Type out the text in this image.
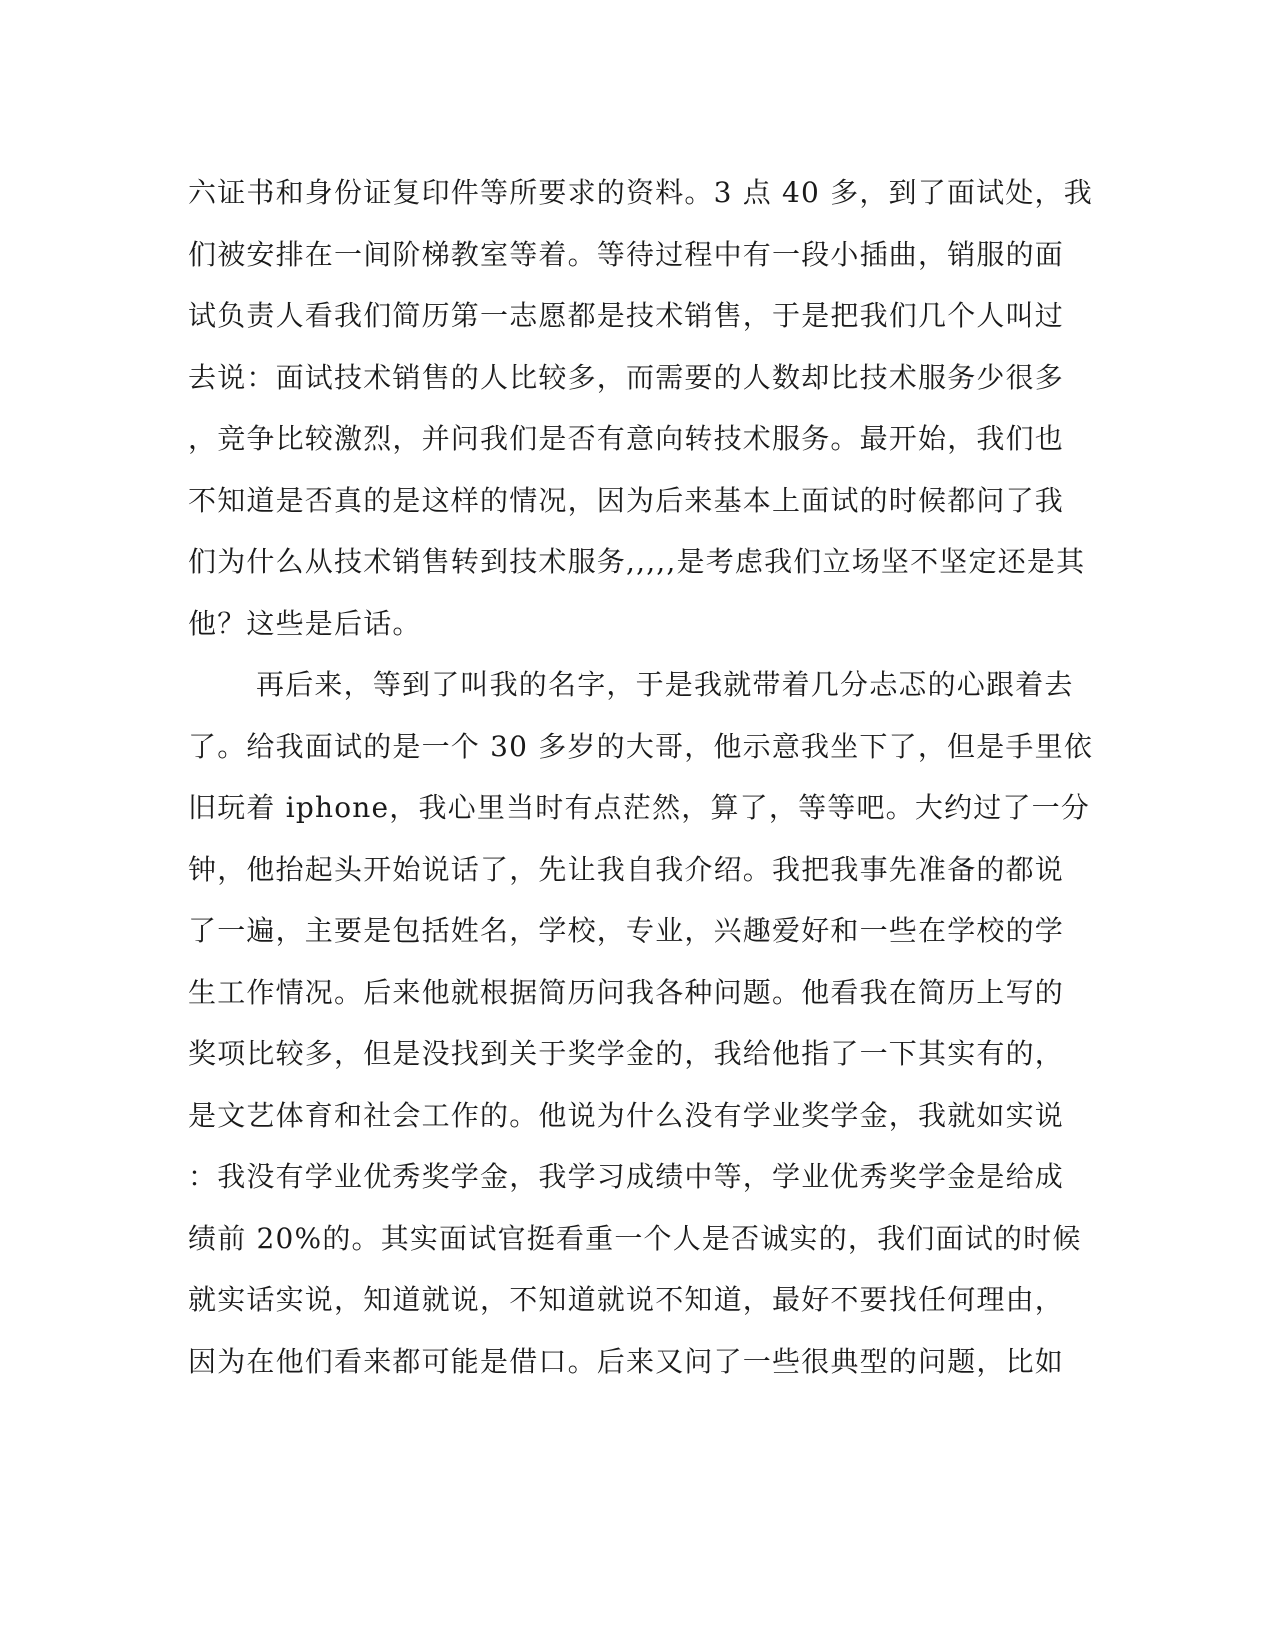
六证书和身份证复印件等所要求的资料。3 点 40 多，到了面试处，我
们被安排在一间阶梯教室等着。等待过程中有一段小插曲，销服的面
试负责人看我们简历第一志愿都是技术销售，于是把我们几个人叫过
去说：面试技术销售的人比较多，而需要的人数却比技术服务少很多
，竞争比较激烈，并问我们是否有意向转技术服务。最开始，我们也
不知道是否真的是这样的情况，因为后来基本上面试的时候都问了我
们为什么从技术销售转到技术服务,,,,,是考虑我们立场坚不坚定还是其
他？这些是后话。
再后来，等到了叫我的名字，于是我就带着几分忐忑的心跟着去
了。给我面试的是一个 30 多岁的大哥，他示意我坐下了，但是手里依
旧玩着 iphone，我心里当时有点茫然，算了，等等吧。大约过了一分
钟，他抬起头开始说话了，先让我自我介绍。我把我事先准备的都说
了一遍，主要是包括姓名，学校，专业，兴趣爱好和一些在学校的学
生工作情况。后来他就根据简历问我各种问题。他看我在简历上写的
奖项比较多，但是没找到关于奖学金的，我给他指了一下其实有的，
是文艺体育和社会工作的。他说为什么没有学业奖学金，我就如实说
：我没有学业优秀奖学金，我学习成绩中等，学业优秀奖学金是给成
绩前 20%的。其实面试官挺看重一个人是否诚实的，我们面试的时候
就实话实说，知道就说，不知道就说不知道，最好不要找任何理由，
因为在他们看来都可能是借口。后来又问了一些很典型的问题，比如
